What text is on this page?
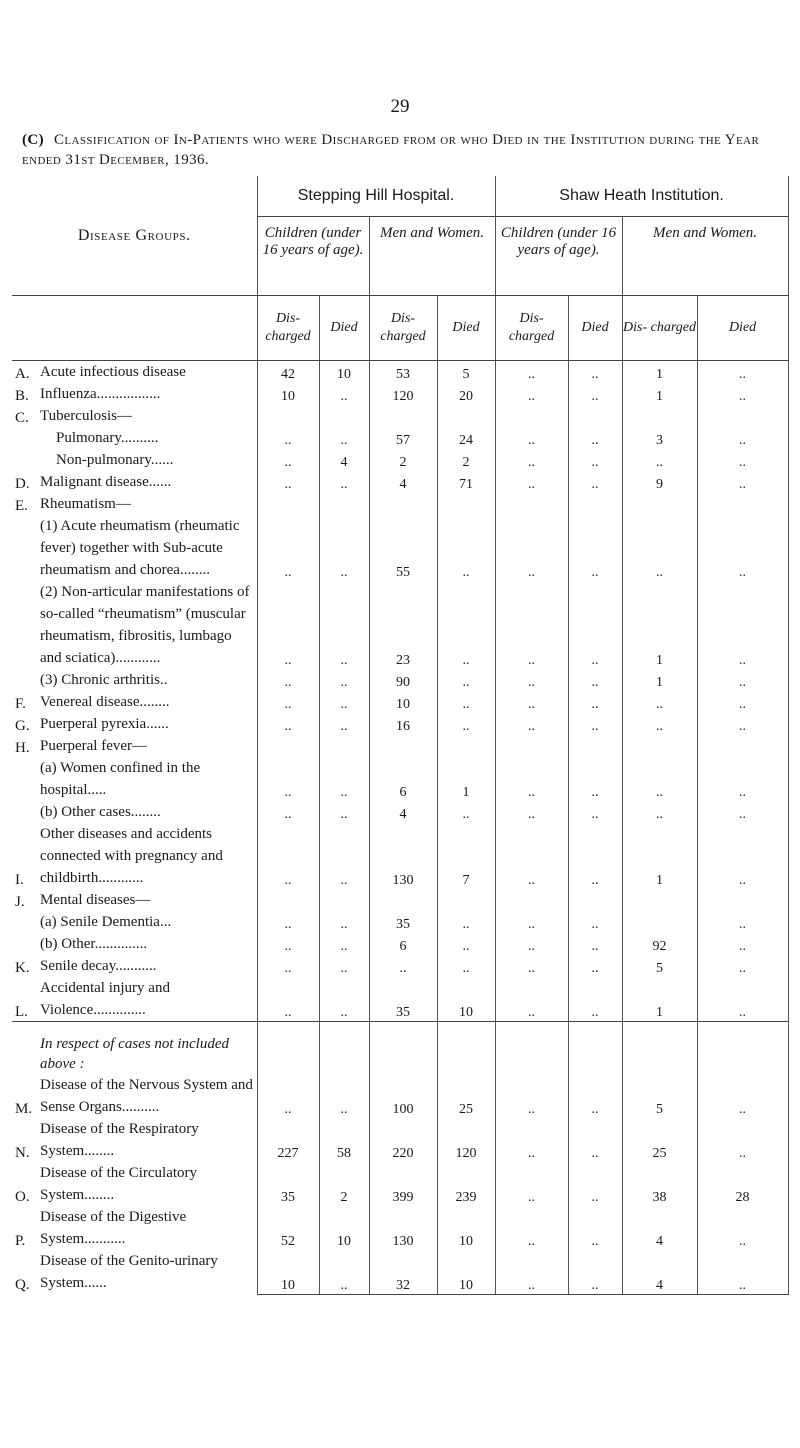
29
(C) Classification of In-Patients who were Discharged from or who Died in the Institution during the Year ended 31st December, 1936.
Disease Groups.	Stepping Hill Hospital.				Shaw Heath Institution.			
	Children (under 16 years of age).		Men and Women.		Children (under 16 years of age).		Men and Women.	
	Dis- charged	Died	Dis- charged	Died	Dis- charged	Died	Dis- charged	Died

A. Acute infectious disease	42	10	53	5	..	..	1	..

B. Influenza.................	10	..	120	20	..	..	1	..

C. Tuberculosis—								

Pulmonary..........	..	..	57	24	..	..	3	..

Non-pulmonary......	..	4	2	2	..	..	..	..

D. Malignant disease......	..	..	4	71	..	..	9	..

E. Rheumatism—								

(1) Acute rheumatism (rheumatic fever) together with Sub-acute rheumatism and chorea........	..	..	55	..	..	..	..	..

(2) Non-articular manifestations of so-called “rheumatism” (muscular rheumatism, fibrositis, lumbago and sciatica)............	..	..	23	..	..	..	1	..

(3) Chronic arthritis..	..	..	90	..	..	..	1	..

F. Venereal disease........	..	..	10	..	..	..	..	..

G. Puerperal pyrexia......	..	..	16	..	..	..	..	..

H. Puerperal fever—								

(a) Women confined in the hospital.....	..	..	6	1	..	..	..	..

(b) Other cases........	..	..	4	..	..	..	..	..

I.
Other diseases and accidents connected with pregnancy and childbirth............	..	..	130	7	..	..	1	..

J. Mental diseases—								

(a) Senile Dementia...	..	..	35	..	..	..		..

(b) Other..............	..	..	6	..	..	..	92	..

K. Senile decay...........	..	..	..	..	..	..	5	..

L.
Accidental injury and Violence..............	..	..	35	10	..	..	1	..
In respect of cases not included above :								

M.
Disease of the Nervous System and Sense Organs..........	..	..	100	25	..	..	5	..

N.
Disease of the Respiratory System........	227	58	220	120	..	..	25	..

O.
Disease of the Circulatory System........	35	2	399	239	..	..	38	28

P.
Disease of the Digestive System...........	52	10	130	10	..	..	4	..

Q.
Disease of the Genito-urinary System......	10	..	32	10	..	..	4	..
